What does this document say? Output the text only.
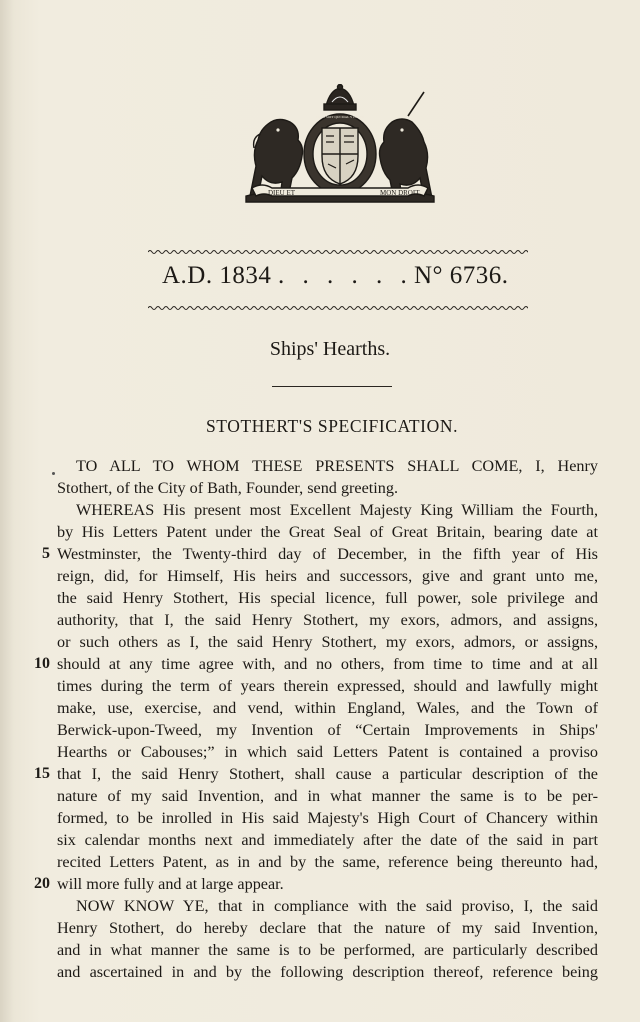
DIEU ET	MON DROIT
HONI SOIT QUI MAL Y PENSE
A.D. 1834 . . . . . . .
N° 6736.
Ships' Hearths.
STOTHERT'S SPECIFICATION.
TO ALL TO WHOM THESE PRESENTS SHALL COME, I, Henry
Stothert, of the City of Bath, Founder, send greeting.
WHEREAS His present most Excellent Majesty King William the Fourth,
by His Letters Patent under the Great Seal of Great Britain, bearing date at
5 Westminster, the Twenty-third day of December, in the fifth year of His
reign, did, for Himself, His heirs and successors, give and grant unto me,
the said Henry Stothert, His special licence, full power, sole privilege and
authority, that I, the said Henry Stothert, my exors, admors, and assigns,
or such others as I, the said Henry Stothert, my exors, admors, or assigns,
10 should at any time agree with, and no others, from time to time and at all
times during the term of years therein expressed, should and lawfully might
make, use, exercise, and vend, within England, Wales, and the Town of
Berwick-upon-Tweed, my Invention of “Certain Improvements in Ships'
Hearths or Cabouses;” in which said Letters Patent is contained a proviso
15 that I, the said Henry Stothert, shall cause a particular description of the
nature of my said Invention, and in what manner the same is to be per-
formed, to be inrolled in His said Majesty's High Court of Chancery within
six calendar months next and immediately after the date of the said in part
recited Letters Patent, as in and by the same, reference being thereunto had,
20 will more fully and at large appear.
NOW KNOW YE, that in compliance with the said proviso, I, the said
Henry Stothert, do hereby declare that the nature of my said Invention,
and in what manner the same is to be performed, are particularly described
and ascertained in and by the following description thereof, reference being
